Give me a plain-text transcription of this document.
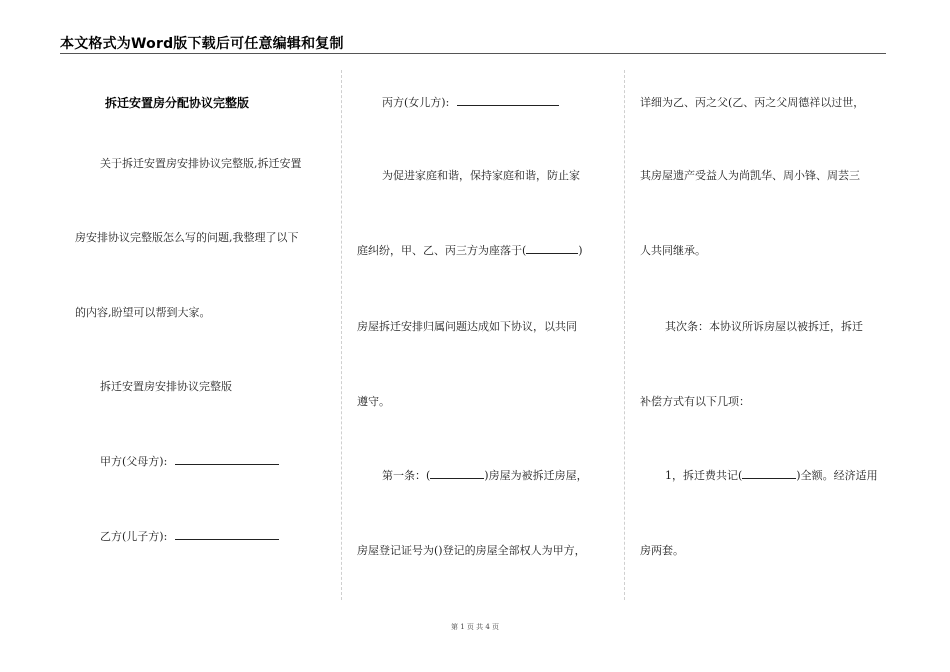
本文格式为Word版下载后可任意编辑和复制
拆迁安置房分配协议完整版
关于拆迁安置房安排协议完整版,拆迁安置
房安排协议完整版怎么写的问题,我整理了以下
的内容,盼望可以帮到大家。
拆迁安置房安排协议完整版
甲方(父母方):
乙方(儿子方):
丙方(女儿方):
为促进家庭和谐，保持家庭和谐，防止家
庭纠纷，甲、乙、丙三方为座落于(	)
房屋拆迁安排归属问题达成如下协议，以共同
遵守。
第一条：(	)房屋为被拆迁房屋，
房屋登记证号为()登记的房屋全部权人为甲方，
详细为乙、丙之父(乙、丙之父周德祥以过世，
其房屋遗产受益人为尚凯华、周小锋、周芸三
人共同继承。
其次条：本协议所诉房屋以被拆迁，拆迁
补偿方式有以下几项：
1，拆迁费共记(	)全额。经济适用
房两套。
第 1 页 共 4 页
